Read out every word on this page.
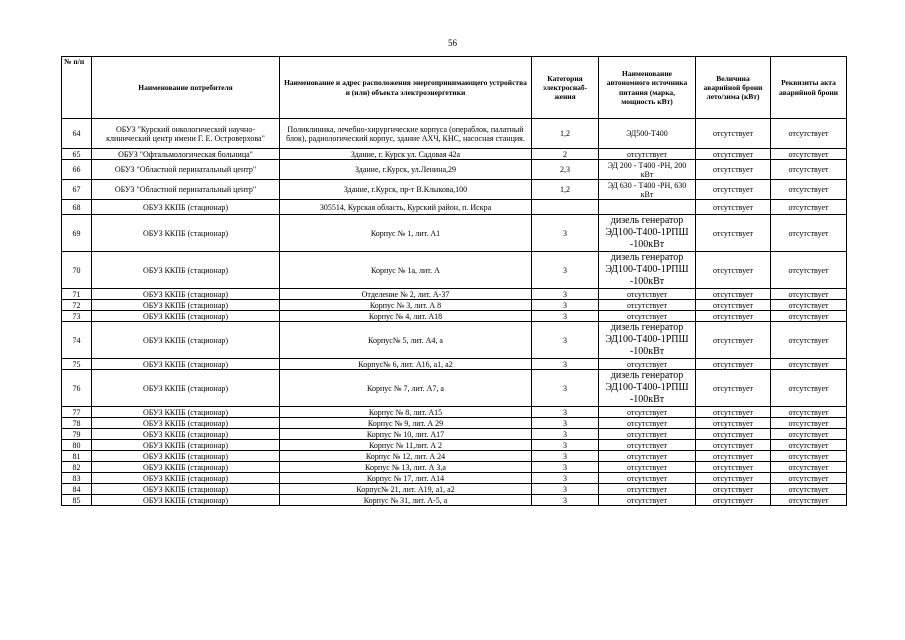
56
№ п/п	Наименование потребителя	Наименование и адрес расположения энергопринимающего устройства и (или) объекта электроэнергетики	Категория электроснаб-жения	Наименование автономного источника питания (марка, мощность кВт)	Величина аварийной брони лето/зима (кВт)	Реквизиты акта аварийной брони
64	ОБУЗ "Курский онкологический научно-клинический центр имени Г. Е. Островерхова"	Поликлиника, лечебно-хирургические корпуса (операблок, палатный блок), радиологический корпус, здание АХЧ, КНС, насосная станция.	1,2	ЭД500-Т400	отсутствует	отсутствует
65	ОБУЗ "Офтальмологическая больница"	Здание, г. Курск ул. Садовая 42а	2	отсутствует	отсутствует	отсутствует
66	ОБУЗ "Областной перинатальный центр"	Здание, г.Курск, ул.Ленина,29	2,3	ЭД 200 - Т400 -РН, 200 кВт	отсутствует	отсутствует
67	ОБУЗ "Областной перинатальный центр"	Здание, г.Курск, пр-т В.Клыкова,100	1,2	ЭД 630 - Т400 -РН, 630 кВт	отсутствует	отсутствует
68	ОБУЗ ККПБ (стационар)	305514, Курская область, Курский район, п. Искра			отсутствует	отсутствует
69	ОБУЗ ККПБ (стационар)	Корпус № 1, лит. А1	3	дизель генератор ЭД100-Т400-1РПШ -100кВт	отсутствует	отсутствует
70	ОБУЗ ККПБ (стационар)	Корпус № 1а, лит. А	3	дизель генератор ЭД100-Т400-1РПШ -100кВт	отсутствует	отсутствует
71	ОБУЗ ККПБ (стационар)	Отделение № 2, лит. А-37	3	отсутствует	отсутствует	отсутствует
72	ОБУЗ ККПБ (стационар)	Корпус № 3, лит. А 8	3	отсутствует	отсутствует	отсутствует
73	ОБУЗ ККПБ (стационар)	Корпус № 4, лит. А18	3	отсутствует	отсутствует	отсутствует
74	ОБУЗ ККПБ (стационар)	Корпус№ 5, лит. А4, а	3	дизель генератор ЭД100-Т400-1РПШ -100кВт	отсутствует	отсутствует
75	ОБУЗ ККПБ (стационар)	Корпус№ 6, лит. А16, а1, а2	3	отсутствует	отсутствует	отсутствует
76	ОБУЗ ККПБ (стационар)	Корпус № 7, лит. А7, а	3	дизель генератор ЭД100-Т400-1РПШ -100кВт	отсутствует	отсутствует
77	ОБУЗ ККПБ (стационар)	Корпус № 8, лит. А15	3	отсутствует	отсутствует	отсутствует
78	ОБУЗ ККПБ (стационар)	Корпус № 9, лит. А 29	3	отсутствует	отсутствует	отсутствует
79	ОБУЗ ККПБ (стационар)	Корпус № 10, лит. А17	3	отсутствует	отсутствует	отсутствует
80	ОБУЗ ККПБ (стационар)	Корпус № 11,лит. А 2	3	отсутствует	отсутствует	отсутствует
81	ОБУЗ ККПБ (стационар)	Корпус № 12, лит. А 24	3	отсутствует	отсутствует	отсутствует
82	ОБУЗ ККПБ (стационар)	Корпус № 13, лит. А 3,а	3	отсутствует	отсутствует	отсутствует
83	ОБУЗ ККПБ (стационар)	Корпус № 17, лит. А14	3	отсутствует	отсутствует	отсутствует
84	ОБУЗ ККПБ (стационар)	Корпус№ 21, лит. А19, а1, а2	3	отсутствует	отсутствует	отсутствует
85	ОБУЗ ККПБ (стационар)	Корпус № 31, лит. А-5, а	3	отсутствует	отсутствует	отсутствует
